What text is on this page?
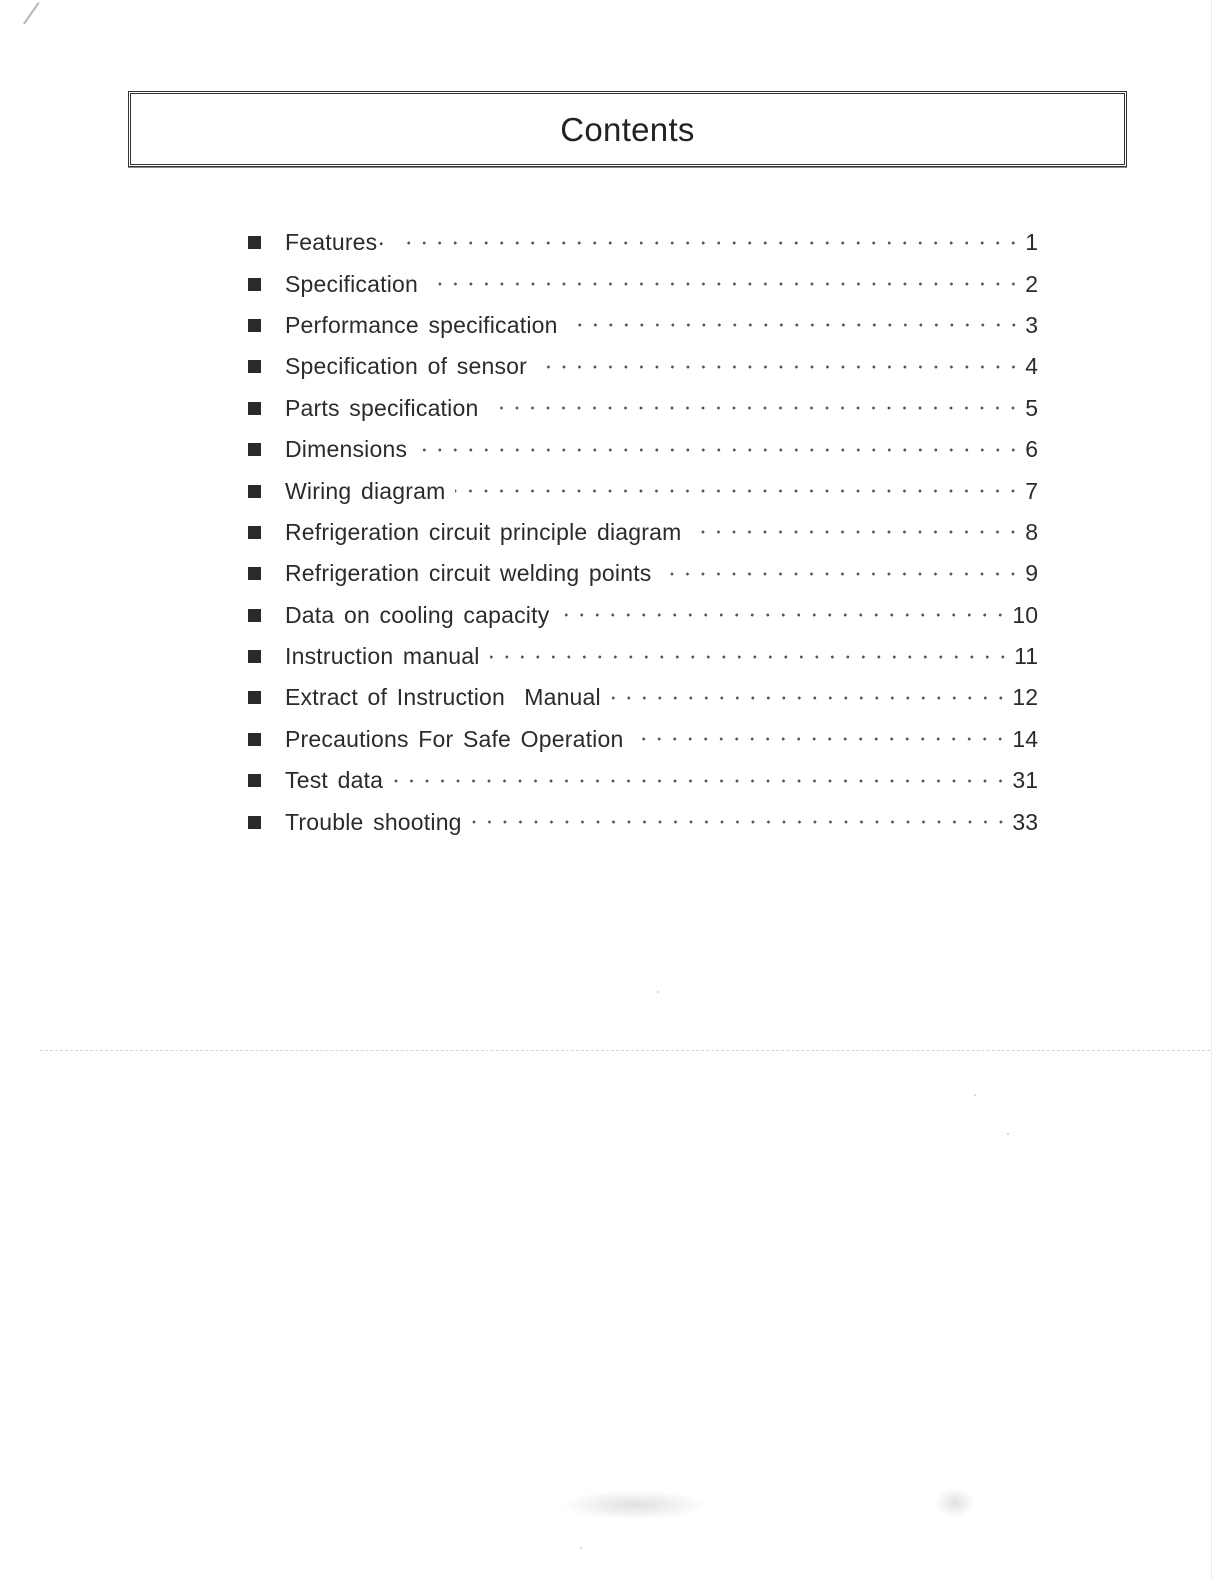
Contents
Features·	1
Specification	2
Performance specification	3
Specification of sensor	4
Parts specification	5
Dimensions	6
Wiring diagram	7
Refrigeration circuit principle diagram	8
Refrigeration circuit welding points	9
Data on cooling capacity	10
Instruction manual	11
Extract of Instruction  Manual	12
Precautions For Safe Operation	14
Test data	31
Trouble shooting	33
